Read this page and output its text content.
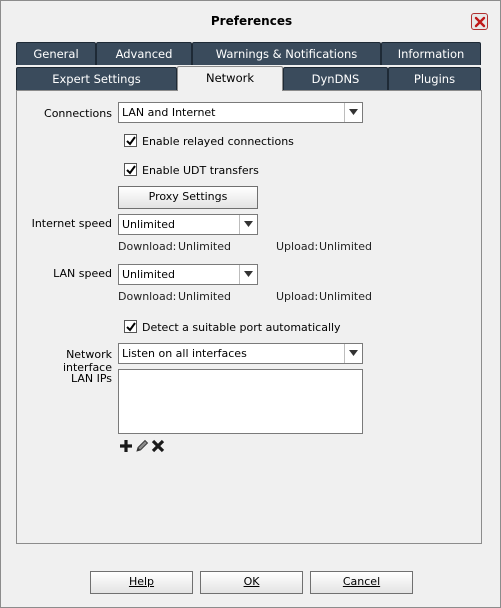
Preferences
General	Advanced	Warnings & Notifications	Information
Expert Settings	Network	DynDNS	Plugins
Connections LAN and Internet
Enable relayed connections
Enable UDT transfers
Proxy Settings
Internet speed Unlimited
Download: Unlimited	Upload: Unlimited
LAN speed Unlimited
Download: Unlimited	Upload: Unlimited
Detect a suitable port automatically
Network interface
Listen on all interfaces
LAN IPs
Help	OK	Cancel
